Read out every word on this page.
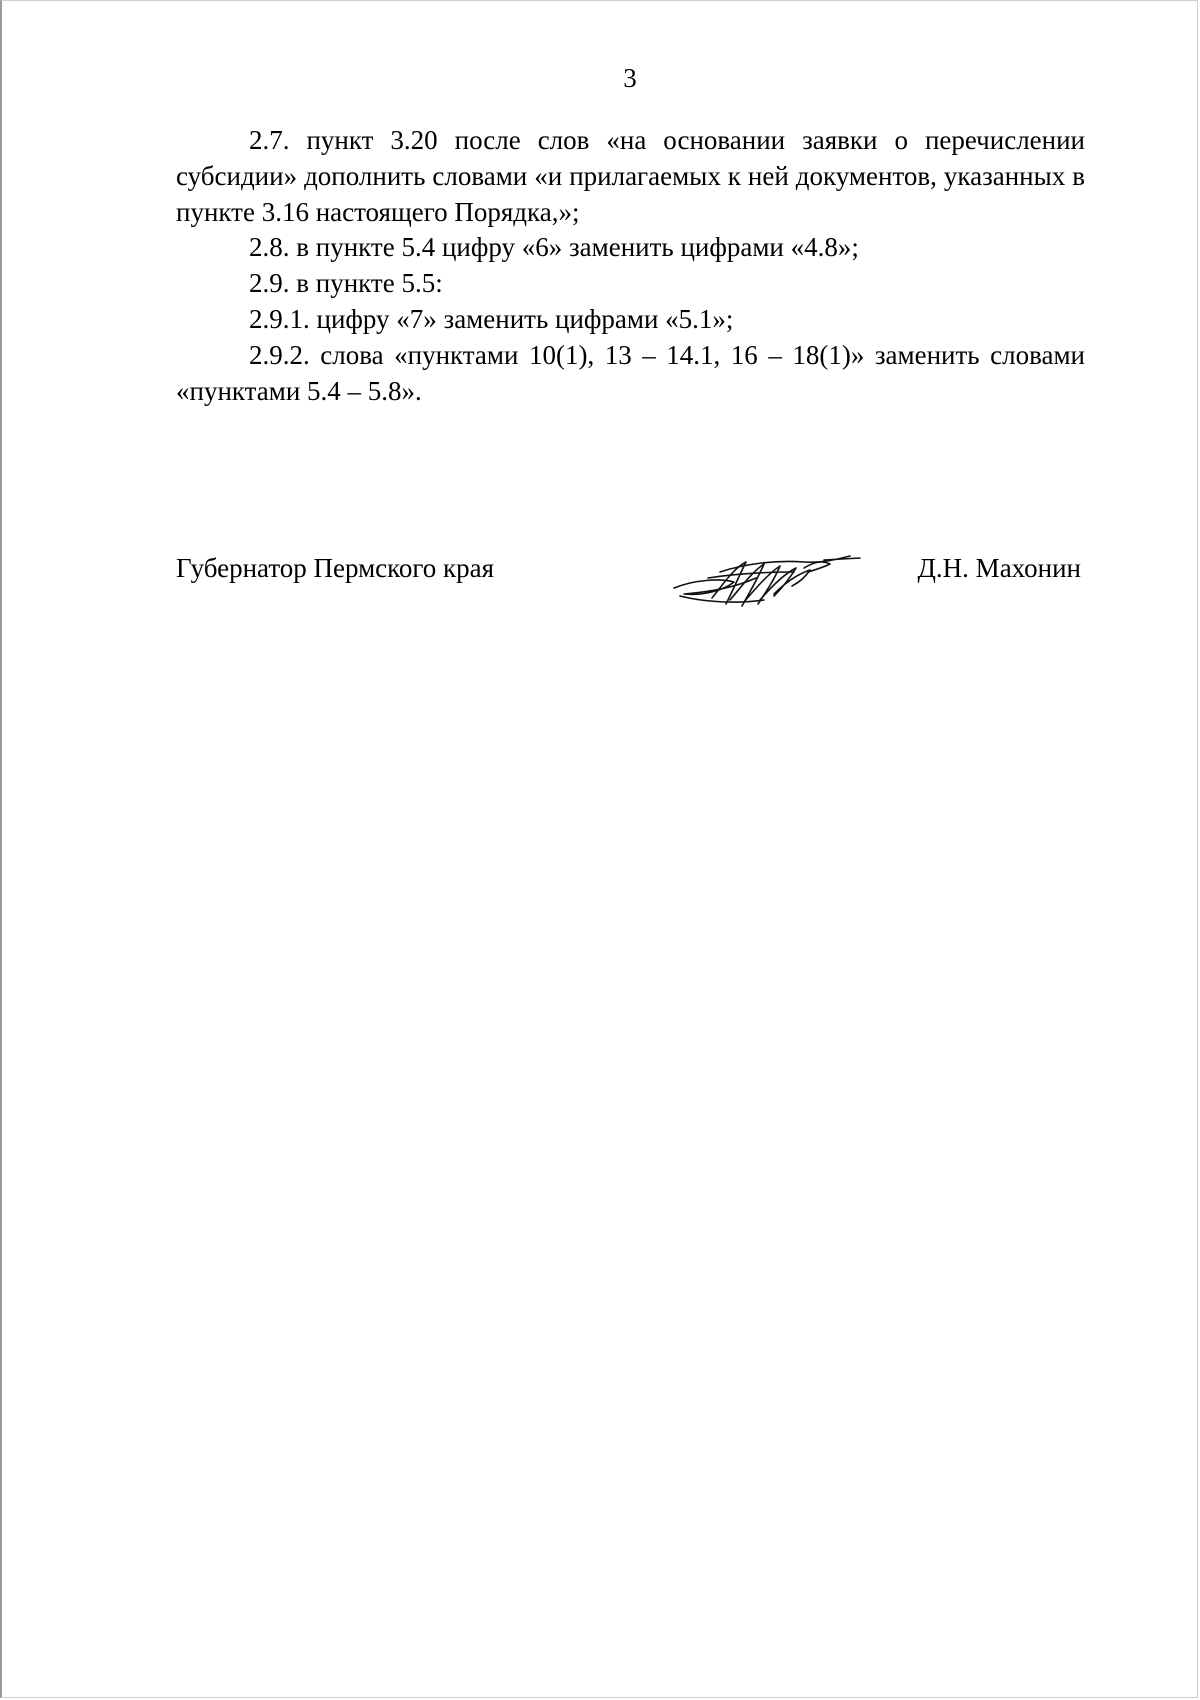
3

2.7. пункт 3.20 после слов «на основании заявки о перечислении субсидии» дополнить словами «и прилагаемых к ней документов, указанных в пункте 3.16 настоящего Порядка,»;

2.8. в пункте 5.4 цифру «6» заменить цифрами «4.8»;

2.9. в пункте 5.5:

2.9.1. цифру «7» заменить цифрами «5.1»;

2.9.2. слова «пунктами 10(1), 13 – 14.1, 16 – 18(1)» заменить словами «пунктами 5.4 – 5.8».

Губернатор Пермского края	Д.Н. Махонин
